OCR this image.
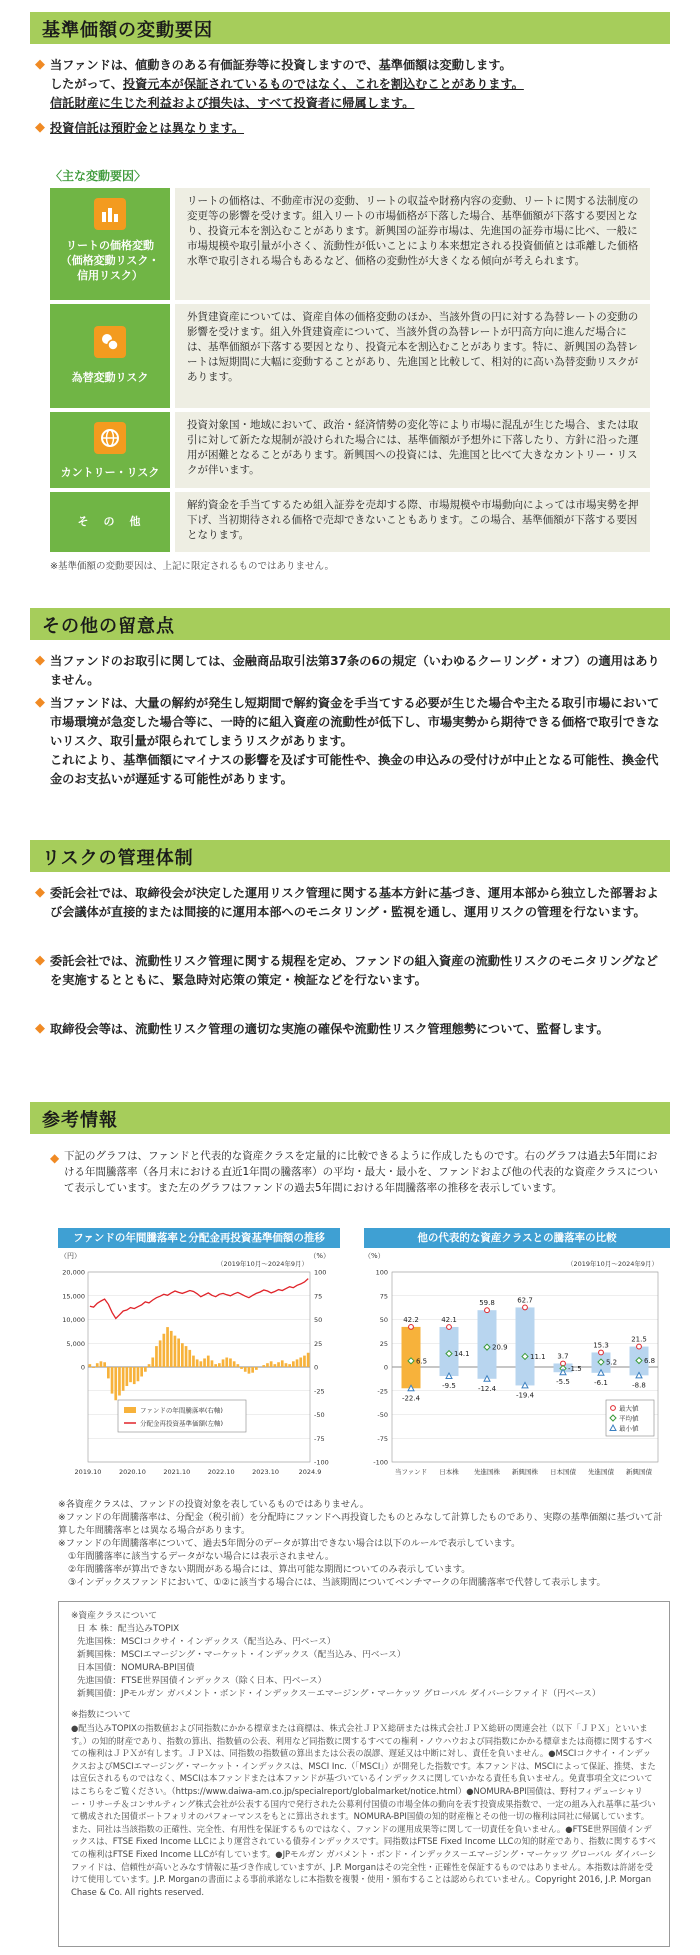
基準価額の変動要因
◆ 当ファンドは、値動きのある有価証券等に投資しますので、基準価額は変動します。
したがって、投資元本が保証されているものではなく、これを割込むことがあります。
信託財産に生じた利益および損失は、すべて投資者に帰属します。
◆ 投資信託は預貯金とは異なります。
〈主な変動要因〉
リートの価格変動
（価格変動リスク・
信用リスク）
リートの価格は、不動産市況の変動、リートの収益や財務内容の変動、リートに関する法制度の変更等の影響を受けます。組入リートの市場価格が下落した場合、基準価額が下落する要因となり、投資元本を割込むことがあります。新興国の証券市場は、先進国の証券市場に比べ、一般に市場規模や取引量が小さく、流動性が低いことにより本来想定される投資価値とは乖離した価格水準で取引される場合もあるなど、価格の変動性が大きくなる傾向が考えられます。
為替変動リスク
外貨建資産については、資産自体の価格変動のほか、当該外貨の円に対する為替レートの変動の影響を受けます。組入外貨建資産について、当該外貨の為替レートが円高方向に進んだ場合には、基準価額が下落する要因となり、投資元本を割込むことがあります。特に、新興国の為替レートは短期間に大幅に変動することがあり、先進国と比較して、相対的に高い為替変動リスクがあります。
カントリー・リスク
投資対象国・地域において、政治・経済情勢の変化等により市場に混乱が生じた場合、または取引に対して新たな規制が設けられた場合には、基準価額が予想外に下落したり、方針に沿った運用が困難となることがあります。新興国への投資には、先進国と比べて大きなカントリー・リスクが伴います。
そ　の　他
解約資金を手当てするため組入証券を売却する際、市場規模や市場動向によっては市場実勢を押下げ、当初期待される価格で売却できないこともあります。この場合、基準価額が下落する要因となります。
※基準価額の変動要因は、上記に限定されるものではありません。
その他の留意点
◆ 当ファンドのお取引に関しては、金融商品取引法第37条の6の規定（いわゆるクーリング・オフ）の適用はありません。
◆ 当ファンドは、大量の解約が発生し短期間で解約資金を手当てする必要が生じた場合や主たる取引市場において市場環境が急変した場合等に、一時的に組入資産の流動性が低下し、市場実勢から期待できる価格で取引できないリスク、取引量が限られてしまうリスクがあります。
これにより、基準価額にマイナスの影響を及ぼす可能性や、換金の申込みの受付けが中止となる可能性、換金代金のお支払いが遅延する可能性があります。
リスクの管理体制
◆ 委託会社では、取締役会が決定した運用リスク管理に関する基本方針に基づき、運用本部から独立した部署および会議体が直接的または間接的に運用本部へのモニタリング・監視を通し、運用リスクの管理を行ないます。
◆ 委託会社では、流動性リスク管理に関する規程を定め、ファンドの組入資産の流動性リスクのモニタリングなどを実施するとともに、緊急時対応策の策定・検証などを行ないます。
◆ 取締役会等は、流動性リスク管理の適切な実施の確保や流動性リスク管理態勢について、監督します。
参考情報
◆ 下記のグラフは、ファンドと代表的な資産クラスを定量的に比較できるように作成したものです。右のグラフは過去5年間における年間騰落率（各月末における直近1年間の騰落率）の平均・最大・最小を、ファンドおよび他の代表的な資産クラスについて表示しています。また左のグラフはファンドの過去5年間における年間騰落率の推移を表示しています。
ファンドの年間騰落率と分配金再投資基準価額の推移
（円）	（%）
（2019年10月～2024年9月）
100
75
50
25
0
-25
-50
-75
-100
20,000
15,000
10,000
5,000
0
2019.10	2020.10	2021.10	2022.10	2023.10	2024.9
ファンドの年間騰落率(右軸)
分配金再投資基準価額(左軸)
他の代表的な資産クラスとの騰落率の比較
（%）
（2019年10月～2024年9月）
100
75
50
25
0
-25
-50
-75
-100
42.2
6.5
-22.4
当ファンド
42.1
14.1
-9.5
日本株
59.8
20.9
-12.4
先進国株
62.7
11.1
-19.4
新興国株
3.7
-1.5
-5.5
日本国債
15.3
5.2
-6.1
先進国債
21.5
6.8
-8.8
新興国債
最大値
平均値
最小値
※各資産クラスは、ファンドの投資対象を表しているものではありません。
※ファンドの年間騰落率は、分配金（税引前）を分配時にファンドへ再投資したものとみなして計算したものであり、実際の基準価額に基づいて計算した年間騰落率とは異なる場合があります。
※ファンドの年間騰落率について、過去5年間分のデータが算出できない場合は以下のルールで表示しています。
①年間騰落率に該当するデータがない場合には表示されません。
②年間騰落率が算出できない期間がある場合には、算出可能な期間についてのみ表示しています。
③インデックスファンドにおいて、①②に該当する場合には、当該期間についてベンチマークの年間騰落率で代替して表示します。
※資産クラスについて
日 本 株：配当込みTOPIX
先進国株：MSCIコクサイ・インデックス（配当込み、円ベース）
新興国株：MSCIエマージング・マーケット・インデックス（配当込み、円ベース）
日本国債：NOMURA-BPI国債
先進国債：FTSE世界国債インデックス（除く日本、円ベース）
新興国債：JPモルガン ガバメント・ボンド・インデックス－エマージング・マーケッツ グローバル ダイバーシファイド（円ベース）
※指数について
●配当込みTOPIXの指数値および同指数にかかる標章または商標は、株式会社ＪＰＸ総研または株式会社ＪＰＸ総研の関連会社（以下「ＪＰＸ」といいます。）の知的財産であり、指数の算出、指数値の公表、利用など同指数に関するすべての権利・ノウハウおよび同指数にかかる標章または商標に関するすべての権利はＪＰＸが有します。ＪＰＸは、同指数の指数値の算出または公表の誤謬、遅延又は中断に対し、責任を負いません。●MSCIコクサイ・インデックスおよびMSCIエマージング・マーケット・インデックスは、MSCI Inc.（「MSCI」）が開発した指数です。本ファンドは、MSCIによって保証、推奨、または宣伝されるものではなく、MSCIは本ファンドまたは本ファンドが基づいているインデックスに関していかなる責任も負いません。免責事項全文についてはこちらをご覧ください。（https://www.daiwa-am.co.jp/specialreport/globalmarket/notice.html）●NOMURA-BPI国債は、野村フィデューシャリー・リサーチ＆コンサルティング株式会社が公表する国内で発行された公募利付国債の市場全体の動向を表す投資成果指数で、一定の組み入れ基準に基づいて構成された国債ポートフォリオのパフォーマンスをもとに算出されます。NOMURA-BPI国債の知的財産権とその他一切の権利は同社に帰属しています。また、同社は当該指数の正確性、完全性、有用性を保証するものではなく、ファンドの運用成果等に関して一切責任を負いません。●FTSE世界国債インデックスは、FTSE Fixed Income LLCにより運営されている債券インデックスです。同指数はFTSE Fixed Income LLCの知的財産であり、指数に関するすべての権利はFTSE Fixed Income LLCが有しています。●JPモルガン ガバメント・ボンド・インデックス－エマージング・マーケッツ グローバル ダイバーシファイドは、信頼性が高いとみなす情報に基づき作成していますが、J.P. Morganはその完全性・正確性を保証するものではありません。本指数は許諾を受けて使用しています。J.P. Morganの書面による事前承諾なしに本指数を複製・使用・頒布することは認められていません。Copyright 2016, J.P. Morgan Chase & Co. All rights reserved.
